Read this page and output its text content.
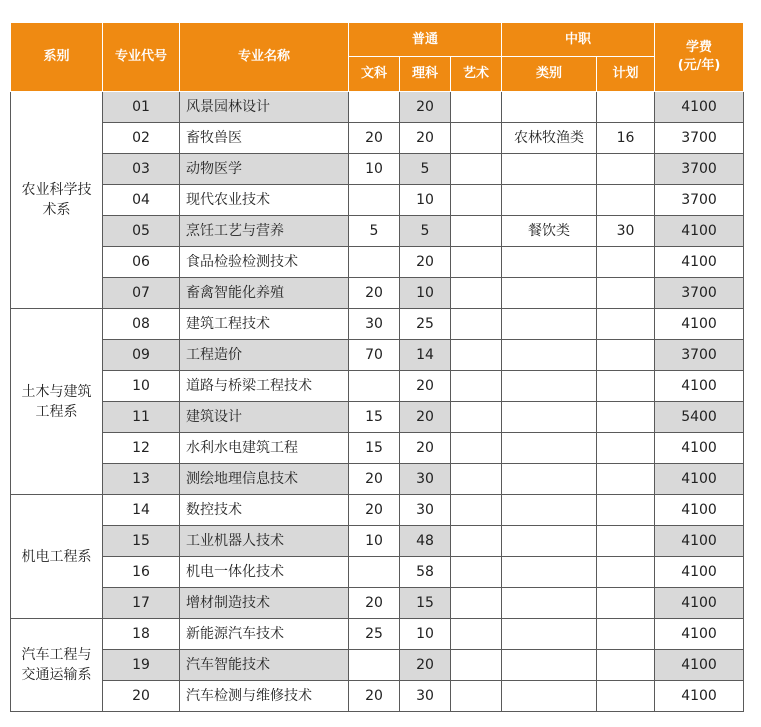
系别	专业代号	专业名称	普通			中职		学费
(元/年)
			文科	理科	艺术	类别	计划	
农业科学技术系	01	风景园林设计		20				4100
	02	畜牧兽医	20	20		农林牧渔类	16	3700
	03	动物医学	10	5				3700
	04	现代农业技术		10				3700
	05	烹饪工艺与营养	5	5		餐饮类	30	4100
	06	食品检验检测技术		20				4100
	07	畜禽智能化养殖	20	10				3700
土木与建筑工程系	08	建筑工程技术	30	25				4100
	09	工程造价	70	14				3700
	10	道路与桥梁工程技术		20				4100
	11	建筑设计	15	20				5400
	12	水利水电建筑工程	15	20				4100
	13	测绘地理信息技术	20	30				4100
机电工程系	14	数控技术	20	30				4100
	15	工业机器人技术	10	48				4100
	16	机电一体化技术		58				4100
	17	增材制造技术	20	15				4100
汽车工程与交通运输系	18	新能源汽车技术	25	10				4100
	19	汽车智能技术		20				4100
	20	汽车检测与维修技术	20	30				4100
